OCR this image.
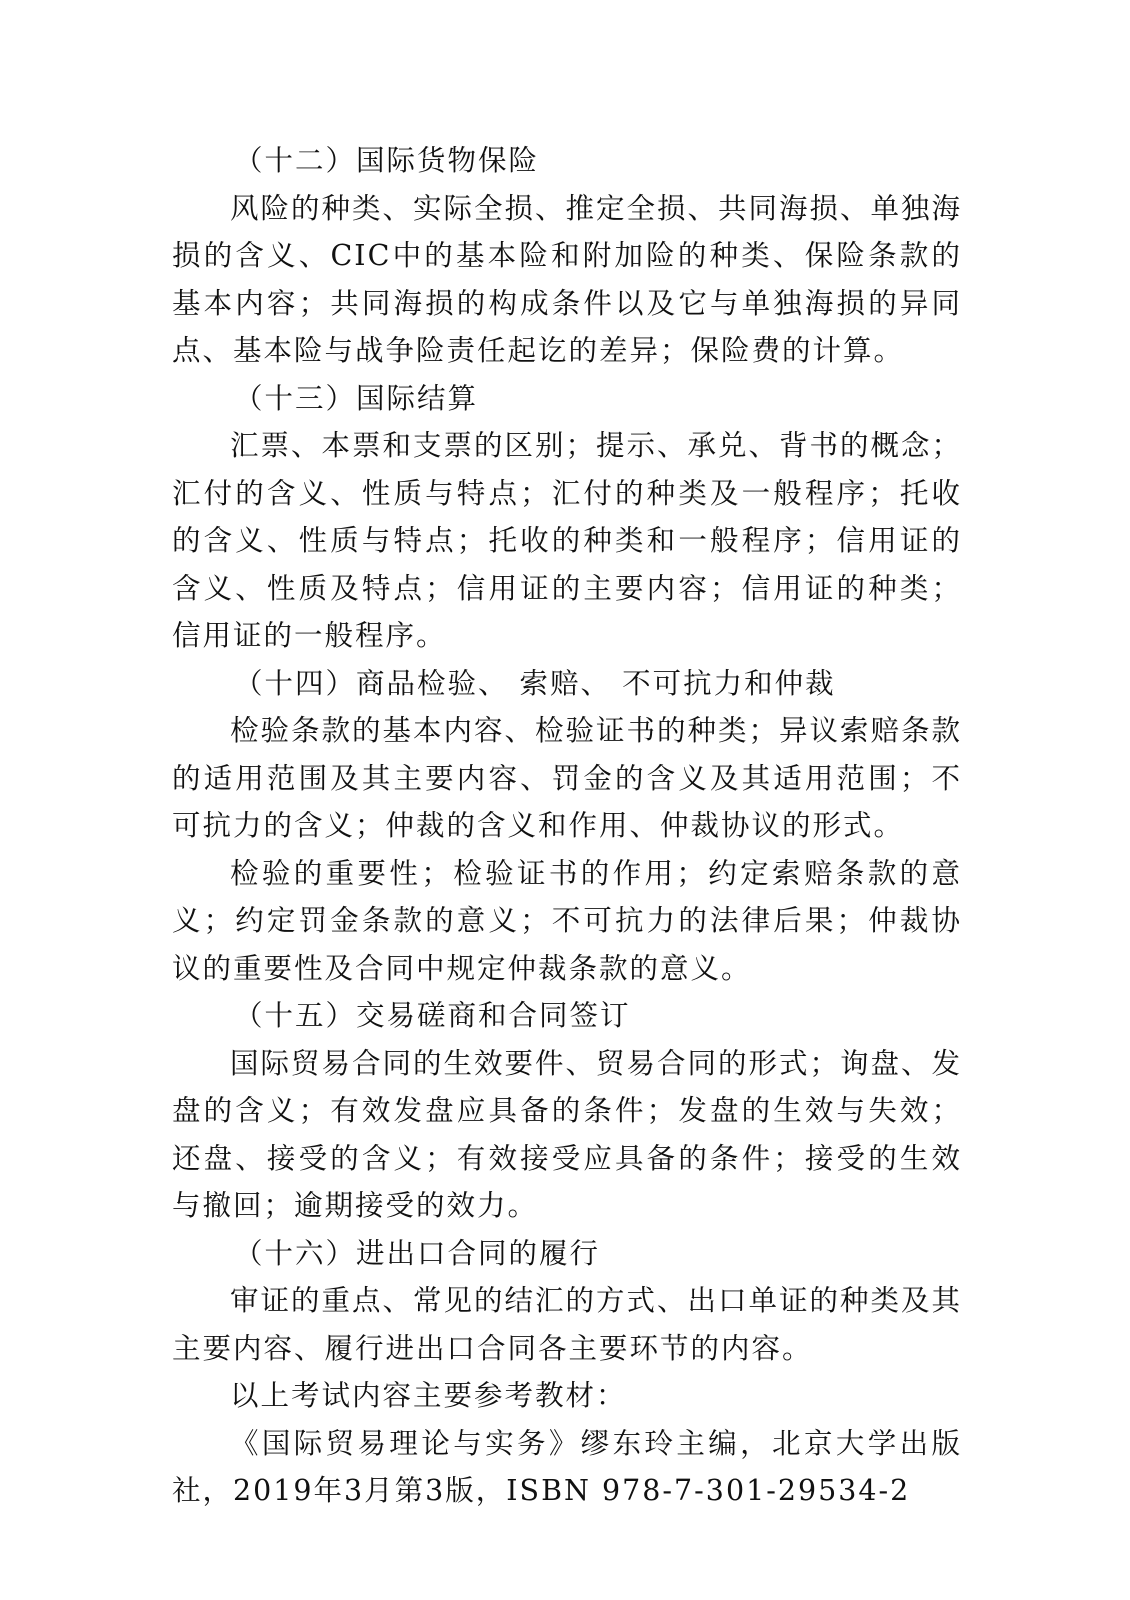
（十二）国际货物保险

风险的种类、实际全损、推定全损、共同海损、单独海损的含义、CIC中的基本险和附加险的种类、保险条款的基本内容；共同海损的构成条件以及它与单独海损的异同点、基本险与战争险责任起讫的差异；保险费的计算。

（十三）国际结算

汇票、本票和支票的区别；提示、承兑、背书的概念；汇付的含义、性质与特点；汇付的种类及一般程序；托收的含义、性质与特点；托收的种类和一般程序；信用证的含义、性质及特点；信用证的主要内容；信用证的种类；信用证的一般程序。

（十四）商品检验、 索赔、 不可抗力和仲裁

检验条款的基本内容、检验证书的种类；异议索赔条款的适用范围及其主要内容、罚金的含义及其适用范围；不可抗力的含义；仲裁的含义和作用、仲裁协议的形式。

检验的重要性；检验证书的作用；约定索赔条款的意义；约定罚金条款的意义；不可抗力的法律后果；仲裁协议的重要性及合同中规定仲裁条款的意义。

（十五）交易磋商和合同签订

国际贸易合同的生效要件、贸易合同的形式；询盘、发盘的含义；有效发盘应具备的条件；发盘的生效与失效；还盘、接受的含义；有效接受应具备的条件；接受的生效与撤回；逾期接受的效力。

（十六）进出口合同的履行

审证的重点、常见的结汇的方式、出口单证的种类及其主要内容、履行进出口合同各主要环节的内容。

以上考试内容主要参考教材：

《国际贸易理论与实务》缪东玲主编，北京大学出版社，2019年3月第3版，ISBN 978-7-301-29534-2
